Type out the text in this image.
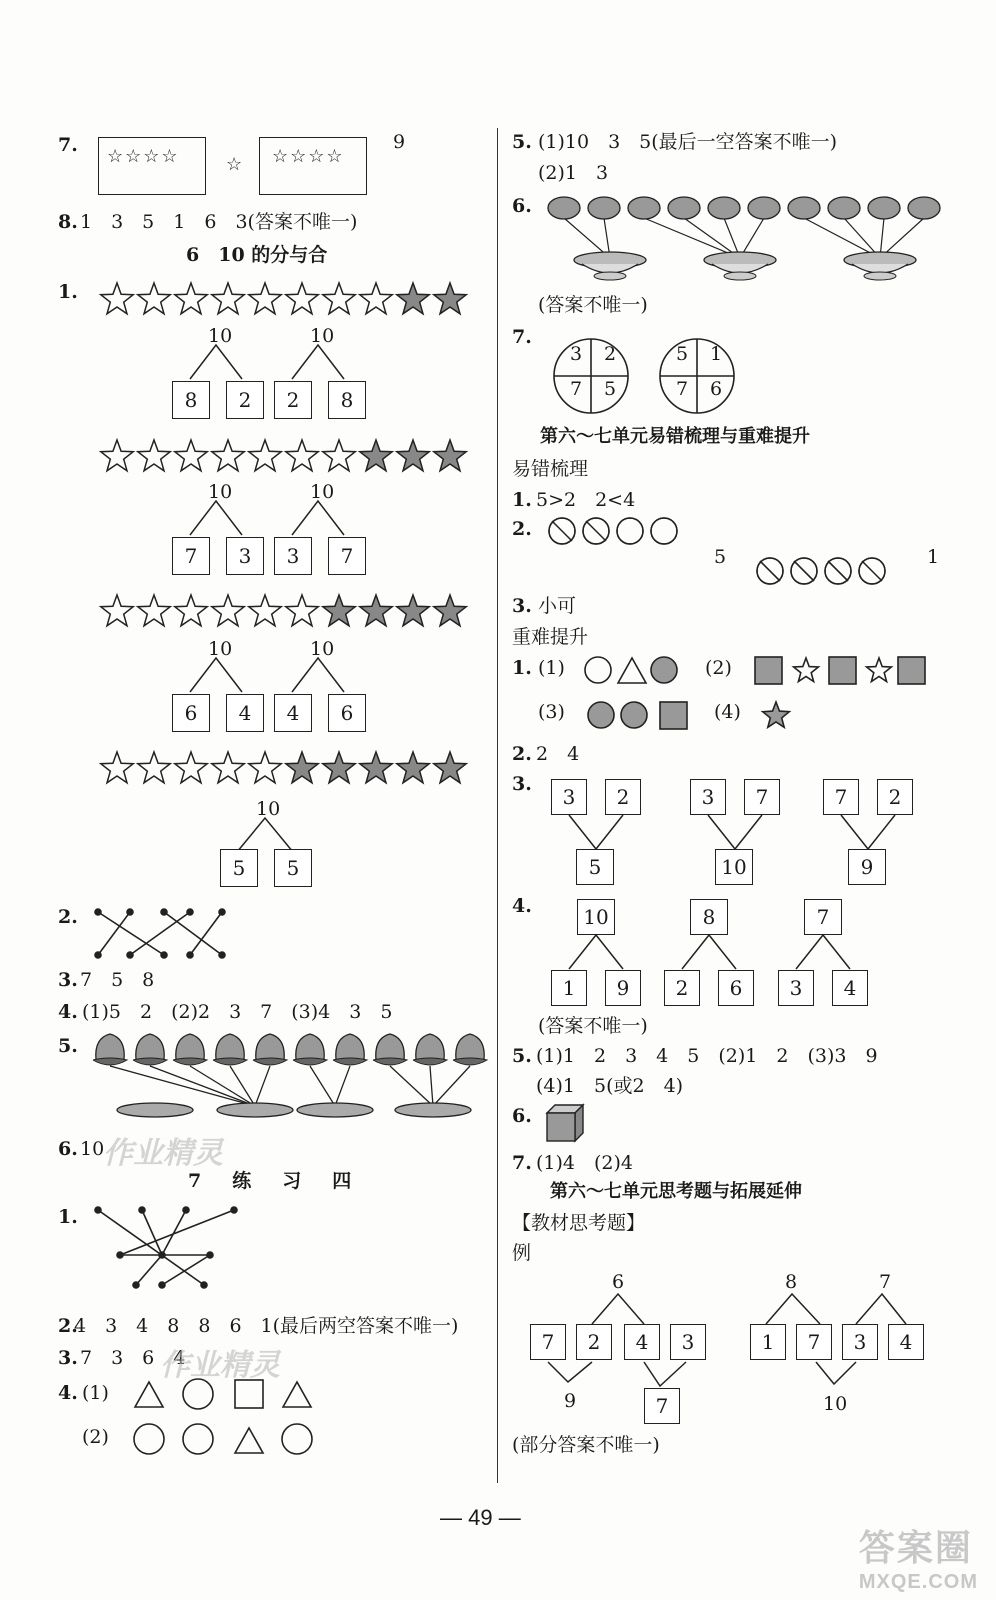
7.
☆☆☆☆	☆ ☆☆☆☆
9
8. 1　3　5　1　6　3(答案不唯一)
6　10 的分与合
1.
10
8	2
10
2	8
10
7	3
10
3	7
10
6	4
10
4	6
10
5	5
2.
3. 7　5　8
4. (1)5　2　(2)2　3　7　(3)4　3　5
5.
6. 10
作业精灵
7　练　习　四
1.
2.
4　3　4　8　8　6　1(最后两空答案不唯一)
3. 7　3　6　4
作业精灵
4. (1)
(2)
5. (1)10　3　5(最后一空答案不唯一)
(2)1　3
6.
(答案不唯一)
7.
3 2
7 5
5 1
7 6
第六～七单元易错梳理与重难提升
易错梳理
1. 5>2　2<4
2.
5	1
3. 小可
重难提升
1. (1)	(2)
(3)	(4)
2. 2　4
3.
3	2
5
3	7
10
7	2
9
4.	10
1	9
8
2	6
7
3	4
(答案不唯一)
5. (1)1　2　3　4　5　(2)1　2　(3)3　9
(4)1　5(或2　4)
6.
7. (1)4　(2)4
第六～七单元思考题与拓展延伸
【教材思考题】
例
6	8	7
7	2	4	3
7
1	7	3	4
9	10
(部分答案不唯一)
— 49 —
答案圈
MXQE.COM
